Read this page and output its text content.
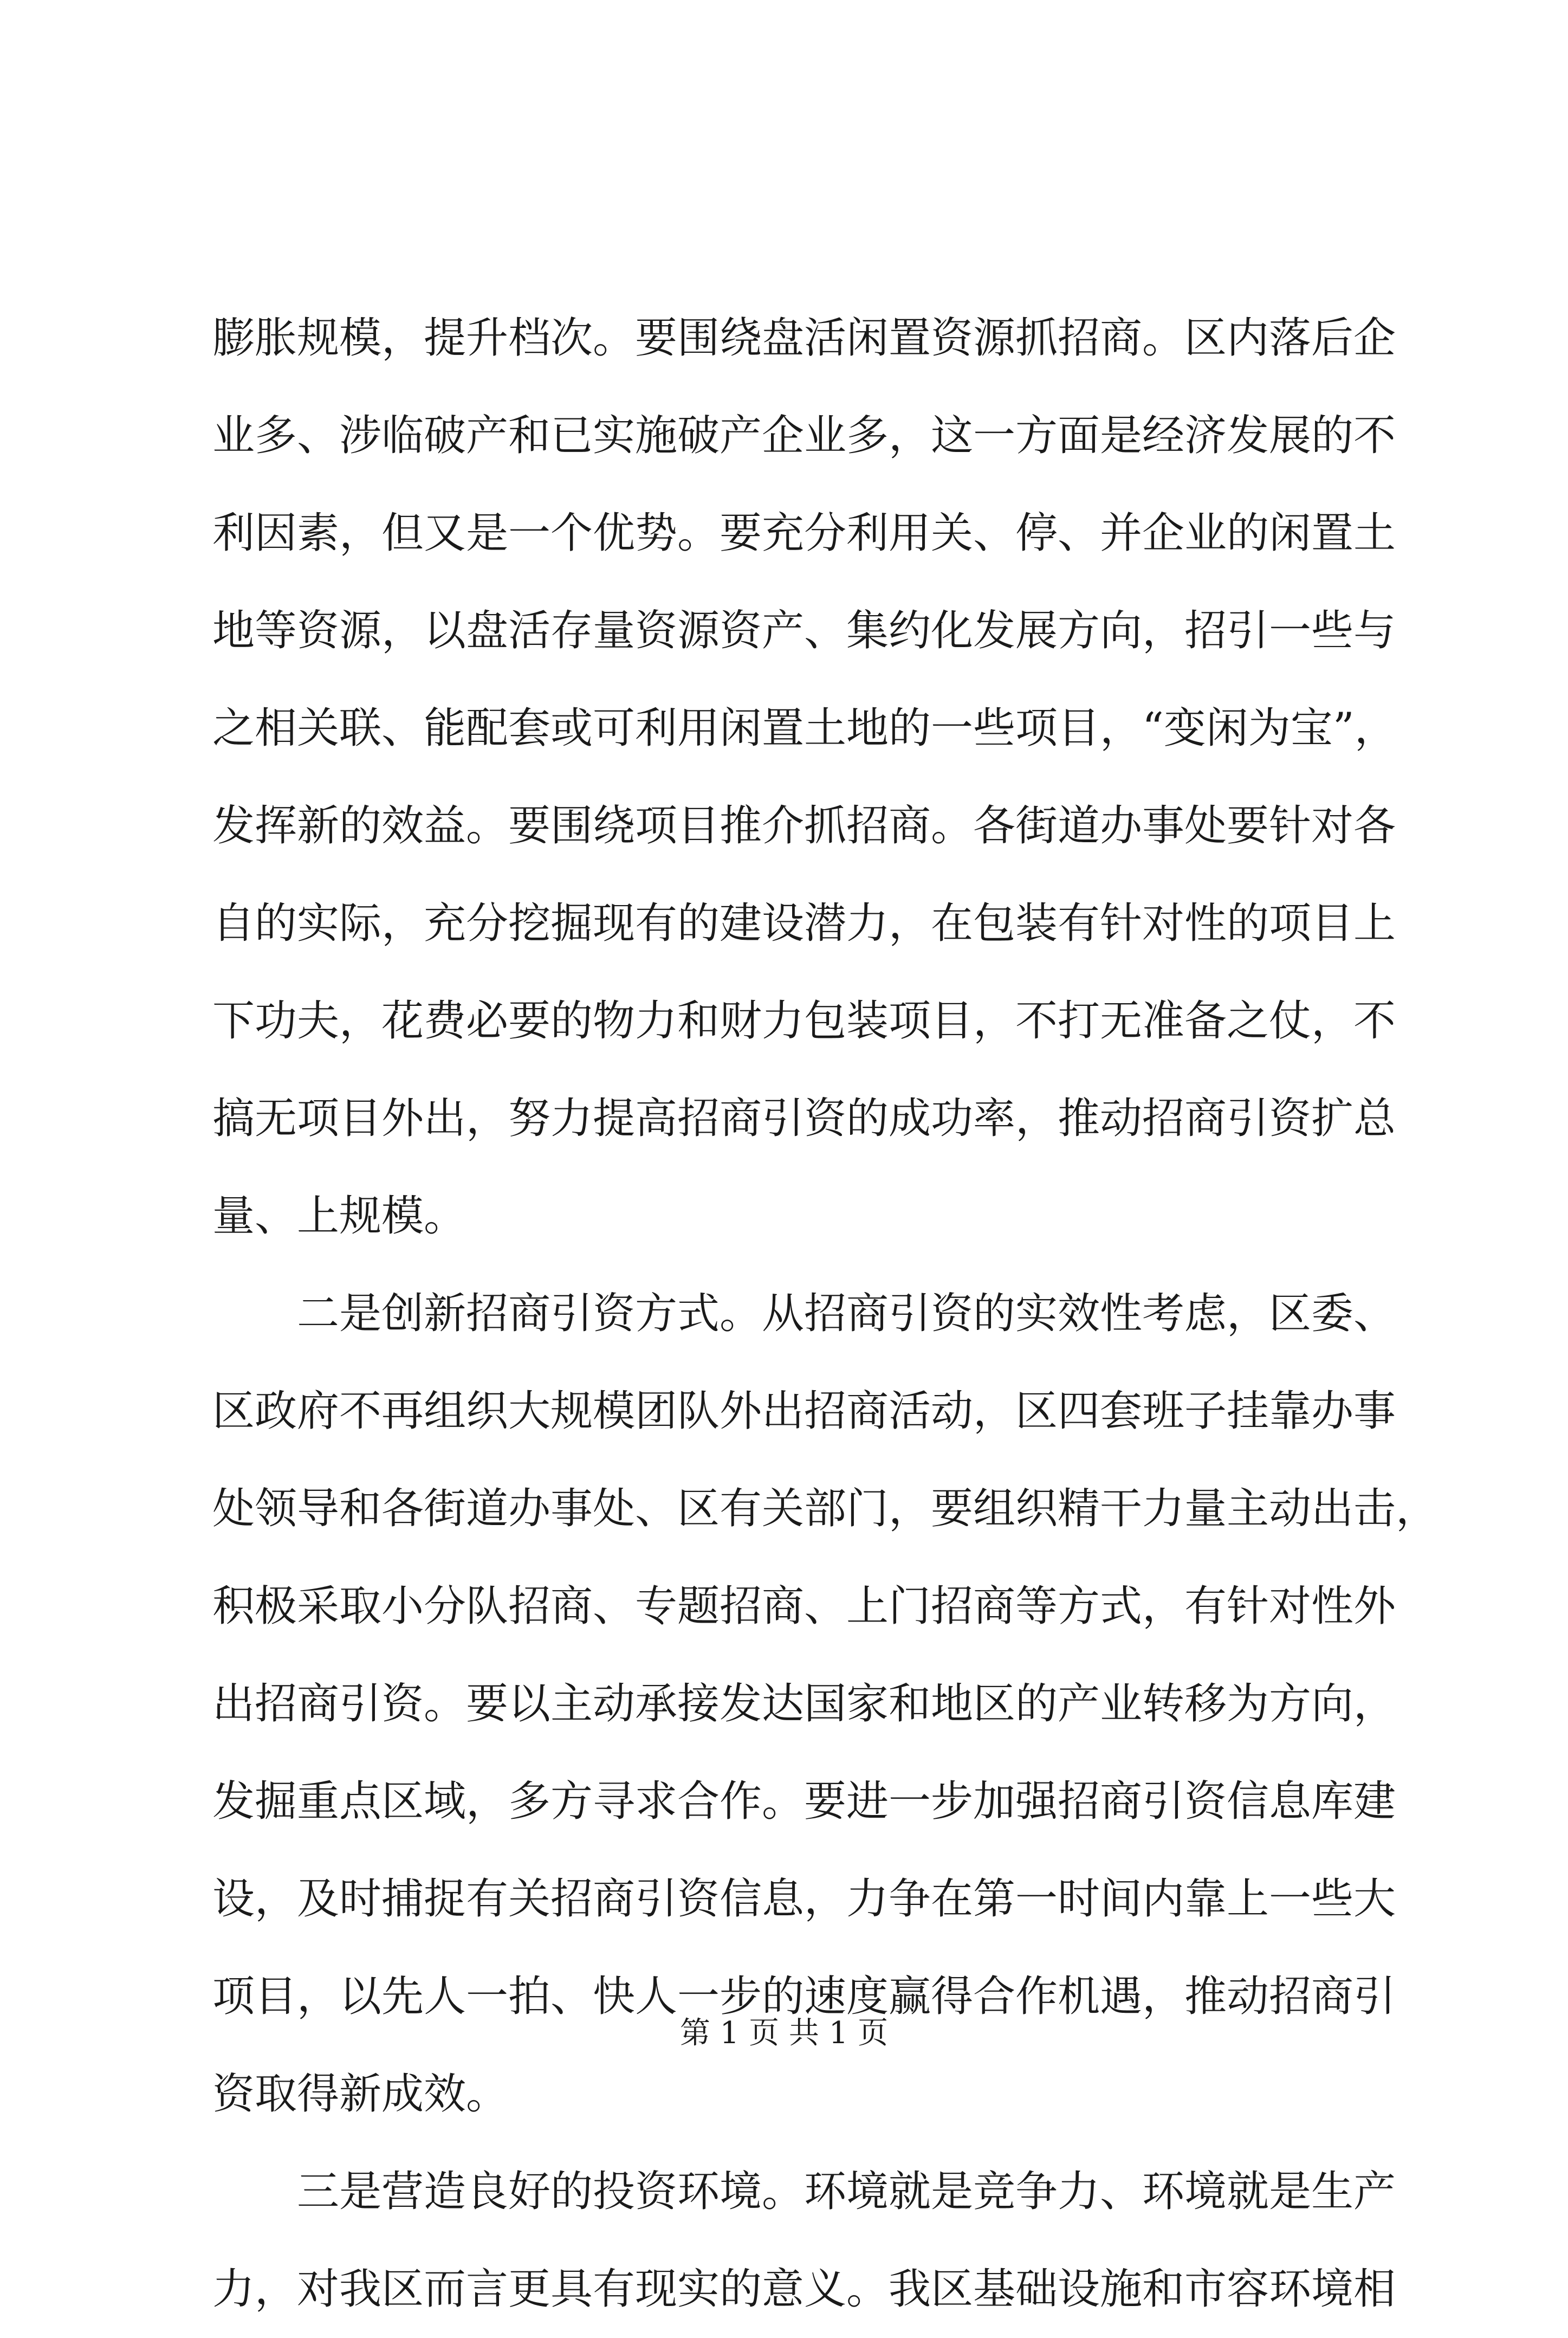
膨胀规模，提升档次。要围绕盘活闲置资源抓招商。区内落后企
业多、涉临破产和已实施破产企业多，这一方面是经济发展的不
利因素，但又是一个优势。要充分利用关、停、并企业的闲置土
地等资源，以盘活存量资源资产、集约化发展方向，招引一些与
之相关联、能配套或可利用闲置土地的一些项目，“变闲为宝”，
发挥新的效益。要围绕项目推介抓招商。各街道办事处要针对各
自的实际，充分挖掘现有的建设潜力，在包装有针对性的项目上
下功夫，花费必要的物力和财力包装项目，不打无准备之仗，不
搞无项目外出，努力提高招商引资的成功率，推动招商引资扩总
量、上规模。
　　二是创新招商引资方式。从招商引资的实效性考虑，区委、
区政府不再组织大规模团队外出招商活动，区四套班子挂靠办事
处领导和各街道办事处、区有关部门，要组织精干力量主动出击，
积极采取小分队招商、专题招商、上门招商等方式，有针对性外
出招商引资。要以主动承接发达国家和地区的产业转移为方向，
发掘重点区域，多方寻求合作。要进一步加强招商引资信息库建
设，及时捕捉有关招商引资信息，力争在第一时间内靠上一些大
项目，以先人一拍、快人一步的速度赢得合作机遇，推动招商引
资取得新成效。
　　三是营造良好的投资环境。环境就是竞争力、环境就是生产
力，对我区而言更具有现实的意义。我区基础设施和市容环境相
第 1 页 共 1 页
